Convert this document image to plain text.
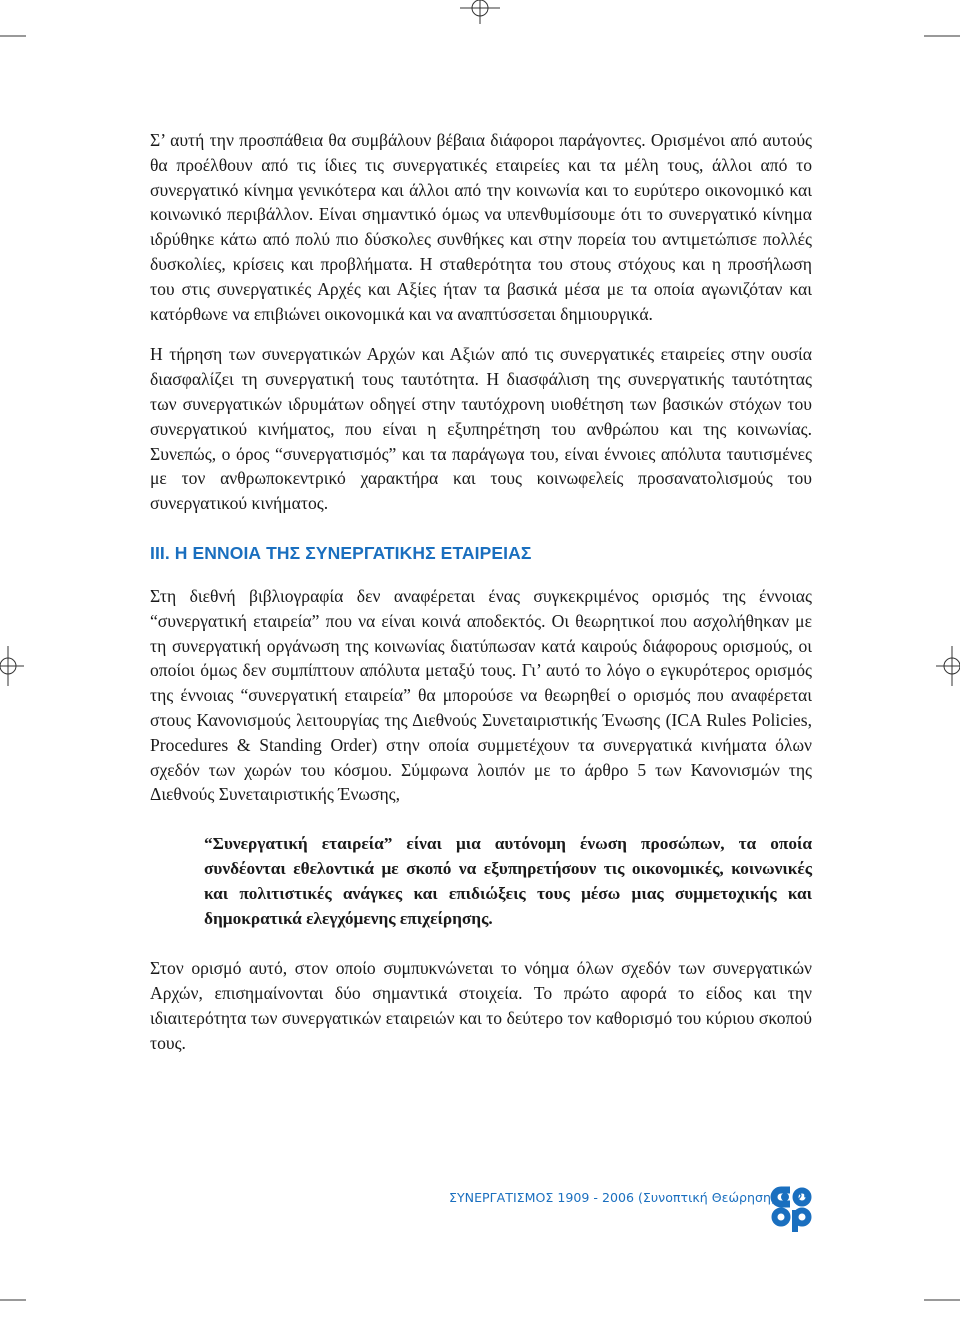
Σ’ αυτή την προσπάθεια θα συμβάλουν βέβαια διάφοροι παράγοντες. Ορισμένοι από αυτούς θα προέλθουν από τις ίδιες τις συνεργατικές εταιρείες και τα μέλη τους, άλλοι από το συνεργατικό κίνημα γενικότερα και άλλοι από την κοινωνία και το ευρύτερο οικονομικό και κοινωνικό περιβάλλον. Είναι σημαντικό όμως να υπενθυμίσουμε ότι το συνεργατικό κίνημα ιδρύθηκε κάτω από πολύ πιο δύσκολες συνθήκες και στην πορεία του αντιμετώπισε πολλές δυσκολίες, κρίσεις και προβλήματα. Η σταθερότητα του στους στόχους και η προσήλωση του στις συνεργατικές Αρχές και Αξίες ήταν τα βασικά μέσα με τα οποία αγωνιζόταν και κατόρθωνε να επιβιώνει οικονομικά και να αναπτύσσεται δημιουργικά.

Η τήρηση των συνεργατικών Αρχών και Αξιών από τις συνεργατικές εταιρείες στην ουσία διασφαλίζει τη συνεργατική τους ταυτότητα. Η διασφάλιση της συνεργατικής ταυτότητας των συνεργατικών ιδρυμάτων οδηγεί στην ταυτόχρονη υιοθέτηση των βασικών στόχων του συνεργατικού κινήματος, που είναι η εξυπηρέτηση του ανθρώπου και της κοινωνίας. Συνεπώς, ο όρος “συνεργατισμός” και τα παράγωγα του, είναι έννοιες απόλυτα ταυτισμένες με τον ανθρωποκεντρικό χαρακτήρα και τους κοινωφελείς προσανατολισμούς του συνεργατικού κινήματος.

ΙΙΙ. Η ΕΝΝΟΙΑ ΤΗΣ ΣΥΝΕΡΓΑΤΙΚΗΣ ΕΤΑΙΡΕΙΑΣ

Στη διεθνή βιβλιογραφία δεν αναφέρεται ένας συγκεκριμένος ορισμός της έννοιας “συνεργατική εταιρεία” που να είναι κοινά αποδεκτός. Οι θεωρητικοί που ασχολήθηκαν με τη συνεργατική οργάνωση της κοινωνίας διατύπωσαν κατά καιρούς διάφορους ορισμούς, οι οποίοι όμως δεν συμπίπτουν απόλυτα μεταξύ τους. Γι’ αυτό το λόγο ο εγκυρότερος ορισμός της έννοιας “συνεργατική εταιρεία” θα μπορούσε να θεωρηθεί ο ορισμός που αναφέρεται στους Κανονισμούς λειτουργίας της Διεθνούς Συνεταιριστικής Ένωσης (ICA Rules Policies, Procedures & Standing Order) στην οποία συμμετέχουν τα συνεργατικά κινήματα όλων σχεδόν των χωρών του κόσμου. Σύμφωνα λοιπόν με το άρθρο 5 των Κανονισμών της Διεθνούς Συνεταιριστικής Ένωσης,

“Συνεργατική εταιρεία” είναι μια αυτόνομη ένωση προσώπων, τα οποία συνδέονται εθελοντικά με σκοπό να εξυπηρετήσουν τις οικονομικές, κοινωνικές και πολιτιστικές ανάγκες και επιδιώξεις τους μέσω μιας συμμετοχικής και δημοκρατικά ελεγχόμενης επιχείρησης.

Στον ορισμό αυτό, στον οποίο συμπυκνώνεται το νόημα όλων σχεδόν των συνεργατικών Αρχών, επισημαίνονται δύο σημαντικά στοιχεία. Το πρώτο αφορά το είδος και την ιδιαιτερότητα των συνεργατικών εταιρειών και το δεύτερο τον καθορισμό του κύριου σκοπού τους.

ΣΥΝΕΡΓΑΤΙΣΜΟΣ 1909 - 2006 (Συνοπτική Θεώρηση) 25
